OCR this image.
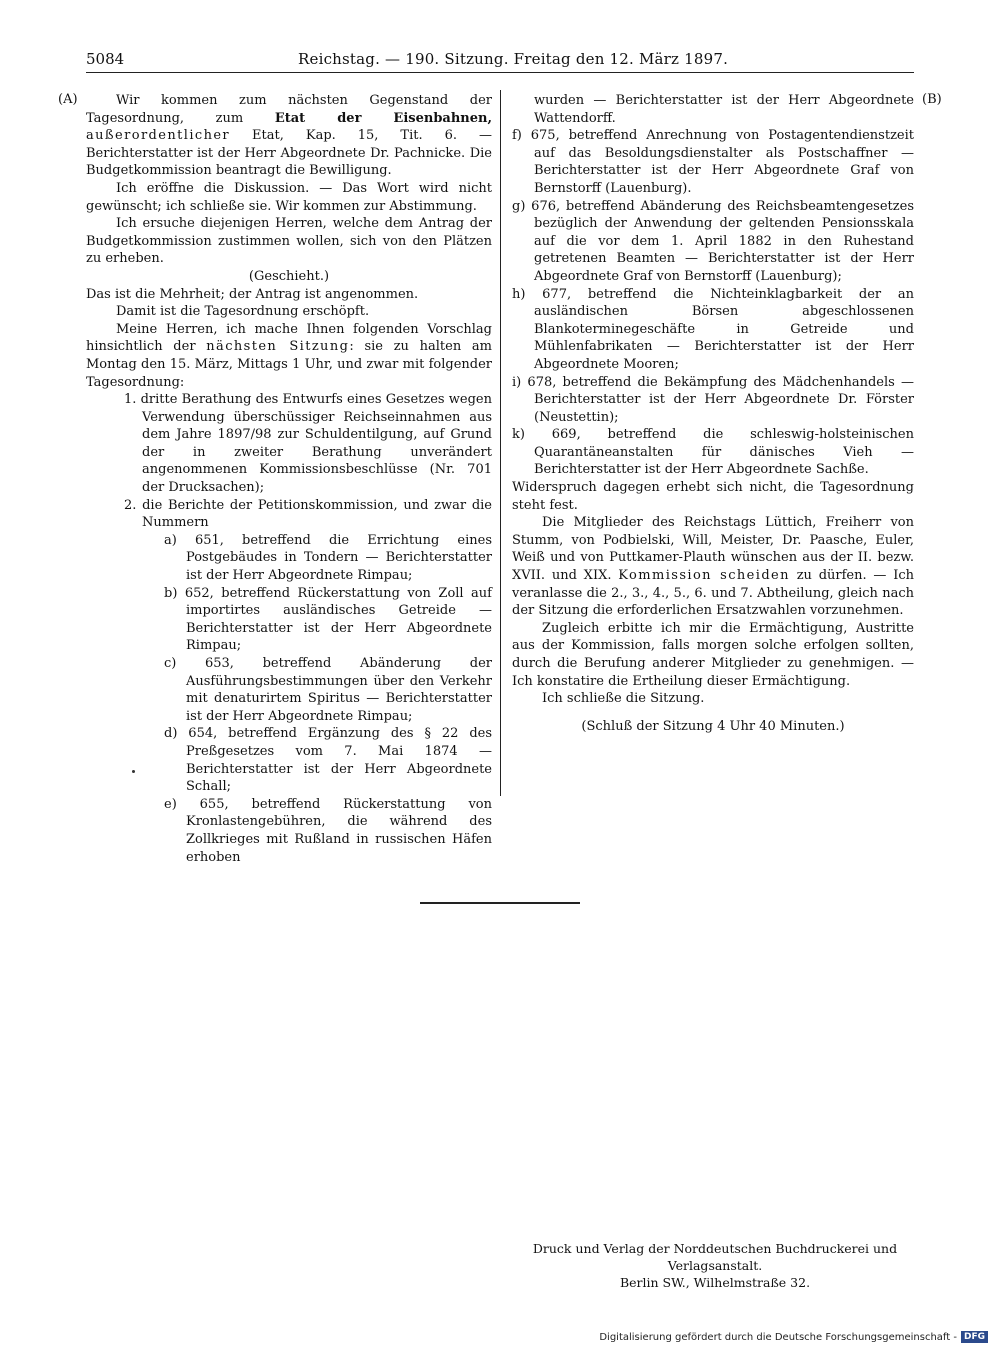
5084	Reichstag. — 190. Sitzung. Freitag den 12. März 1897.
(A)	(B)

Wir kommen zum nächsten Gegenstand der Tagesordnung, zum Etat der Eisenbahnen, außerordentlicher Etat, Kap. 15, Tit. 6. — Berichterstatter ist der Herr Abgeordnete Dr. Pachnicke. Die Budgetkommission beantragt die Bewilligung.

Ich eröffne die Diskussion. — Das Wort wird nicht gewünscht; ich schließe sie. Wir kommen zur Abstimmung.

Ich ersuche diejenigen Herren, welche dem Antrag der Budgetkommission zustimmen wollen, sich von den Plätzen zu erheben.

(Geschieht.)

Das ist die Mehrheit; der Antrag ist angenommen.

Damit ist die Tagesordnung erschöpft.

Meine Herren, ich mache Ihnen folgenden Vorschlag hinsichtlich der nächsten Sitzung: sie zu halten am Montag den 15. März, Mittags 1 Uhr, und zwar mit folgender Tagesordnung:

1. dritte Berathung des Entwurfs eines Gesetzes wegen Verwendung überschüssiger Reichseinnahmen aus dem Jahre 1897/98 zur Schuldentilgung, auf Grund der in zweiter Berathung unverändert angenommenen Kommissionsbeschlüsse (Nr. 701 der Drucksachen);

2. die Berichte der Petitionskommission, und zwar die Nummern

a) 651, betreffend die Errichtung eines Postgebäudes in Tondern — Berichterstatter ist der Herr Abgeordnete Rimpau;

b) 652, betreffend Rückerstattung von Zoll auf importirtes ausländisches Getreide — Berichterstatter ist der Herr Abgeordnete Rimpau;

c) 653, betreffend Abänderung der Ausführungsbestimmungen über den Verkehr mit denaturirtem Spiritus — Berichterstatter ist der Herr Abgeordnete Rimpau;

d) 654, betreffend Ergänzung des § 22 des Preßgesetzes vom 7. Mai 1874 — Berichterstatter ist der Herr Abgeordnete Schall;

e) 655, betreffend Rückerstattung von Kronlastengebühren, die während des Zollkrieges mit Rußland in russischen Häfen erhoben

wurden — Berichterstatter ist der Herr Abgeordnete Wattendorff.

f) 675, betreffend Anrechnung von Postagentendienstzeit auf das Besoldungsdienstalter als Postschaffner — Berichterstatter ist der Herr Abgeordnete Graf von Bernstorff (Lauenburg).

g) 676, betreffend Abänderung des Reichsbeamtengesetzes bezüglich der Anwendung der geltenden Pensionsskala auf die vor dem 1. April 1882 in den Ruhestand getretenen Beamten — Berichterstatter ist der Herr Abgeordnete Graf von Bernstorff (Lauenburg);

h) 677, betreffend die Nichteinklagbarkeit der an ausländischen Börsen abgeschlossenen Blankoterminegeschäfte in Getreide und Mühlenfabrikaten — Berichterstatter ist der Herr Abgeordnete Mooren;

i) 678, betreffend die Bekämpfung des Mädchenhandels — Berichterstatter ist der Herr Abgeordnete Dr. Förster (Neustettin);

k) 669, betreffend die schleswig-holsteinischen Quarantäneanstalten für dänisches Vieh — Berichterstatter ist der Herr Abgeordnete Sachße.

Widerspruch dagegen erhebt sich nicht, die Tagesordnung steht fest.

Die Mitglieder des Reichstags Lüttich, Freiherr von Stumm, von Podbielski, Will, Meister, Dr. Paasche, Euler, Weiß und von Puttkamer-Plauth wünschen aus der II. bezw. XVII. und XIX. Kommission scheiden zu dürfen. — Ich veranlasse die 2., 3., 4., 5., 6. und 7. Abtheilung, gleich nach der Sitzung die erforderlichen Ersatzwahlen vorzunehmen.

Zugleich erbitte ich mir die Ermächtigung, Austritte aus der Kommission, falls morgen solche erfolgen sollten, durch die Berufung anderer Mitglieder zu genehmigen. — Ich konstatire die Ertheilung dieser Ermächtigung.

Ich schließe die Sitzung.

(Schluß der Sitzung 4 Uhr 40 Minuten.)

Druck und Verlag der Norddeutschen Buchdruckerei und Verlagsanstalt.
Berlin SW., Wilhelmstraße 32.
Digitalisierung gefördert durch die Deutsche Forschungsgemeinschaft - DFG
